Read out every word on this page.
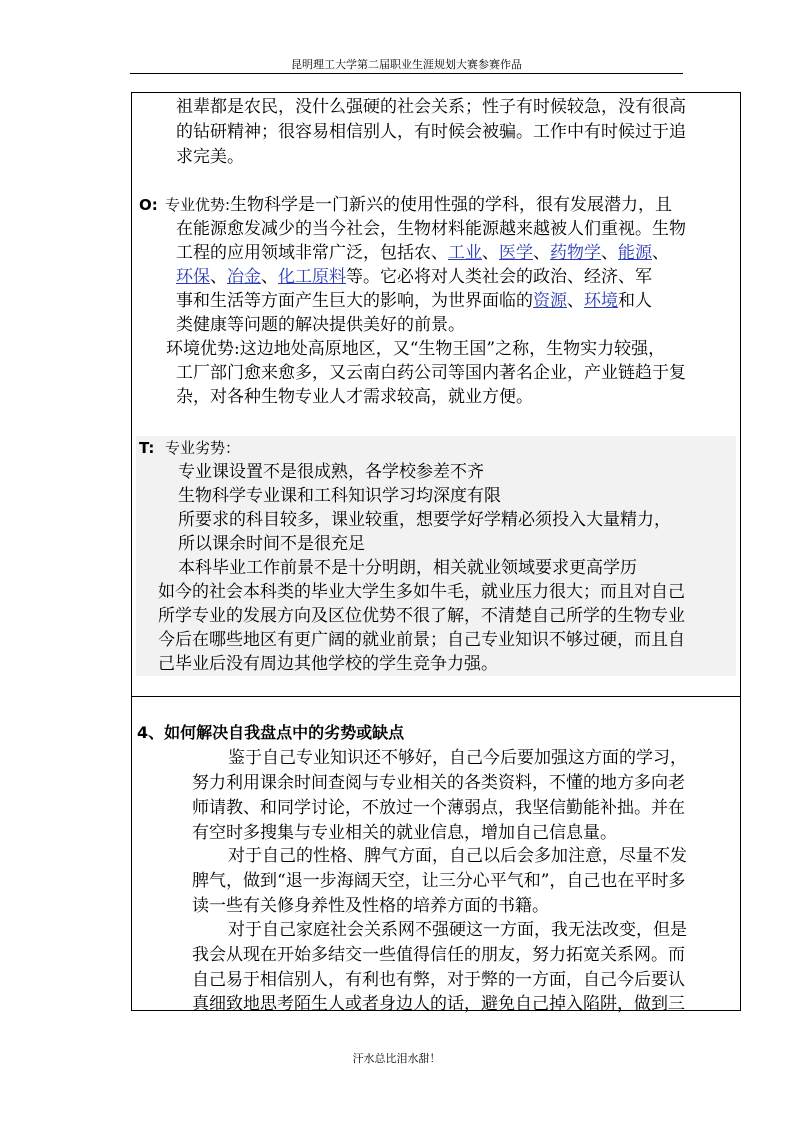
昆明理工大学第二届职业生涯规划大赛参赛作品
祖辈都是农民，没什么强硬的社会关系；性子有时候较急，没有很高
的钻研精神；很容易相信别人，有时候会被骗。工作中有时候过于追
求完美。
O: 专业优势:生物科学是一门新兴的使用性强的学科，很有发展潜力，且
在能源愈发减少的当今社会，生物材料能源越来越被人们重视。生物
工程的应用领域非常广泛，包括农、工业、医学、药物学、能源、
环保、冶金、化工原料等。它必将对人类社会的政治、经济、军
事和生活等方面产生巨大的影响，为世界面临的资源、环境和人
类健康等问题的解决提供美好的前景。
环境优势:这边地处高原地区，又“生物王国”之称，生物实力较强，
工厂部门愈来愈多，又云南白药公司等国内著名企业，产业链趋于复
杂，对各种生物专业人才需求较高，就业方便。
T: 专业劣势：
专业课设置不是很成熟，各学校参差不齐
生物科学专业课和工科知识学习均深度有限
所要求的科目较多，课业较重，想要学好学精必须投入大量精力，
所以课余时间不是很充足
本科毕业工作前景不是十分明朗，相关就业领域要求更高学历
如今的社会本科类的毕业大学生多如牛毛，就业压力很大；而且对自己
所学专业的发展方向及区位优势不很了解，不清楚自己所学的生物专业
今后在哪些地区有更广阔的就业前景；自己专业知识不够过硬，而且自
己毕业后没有周边其他学校的学生竞争力强。
4、如何解决自我盘点中的劣势或缺点
鉴于自己专业知识还不够好，自己今后要加强这方面的学习，
努力利用课余时间查阅与专业相关的各类资料，不懂的地方多向老
师请教、和同学讨论，不放过一个薄弱点，我坚信勤能补拙。并在
有空时多搜集与专业相关的就业信息，增加自己信息量。
对于自己的性格、脾气方面，自己以后会多加注意，尽量不发
脾气，做到“退一步海阔天空，让三分心平气和”，自己也在平时多
读一些有关修身养性及性格的培养方面的书籍。
对于自己家庭社会关系网不强硬这一方面，我无法改变，但是
我会从现在开始多结交一些值得信任的朋友，努力拓宽关系网。而
自己易于相信别人，有利也有弊，对于弊的一方面，自己今后要认
真细致地思考陌生人或者身边人的话，避免自己掉入陷阱，做到三
汗水总比泪水甜！
